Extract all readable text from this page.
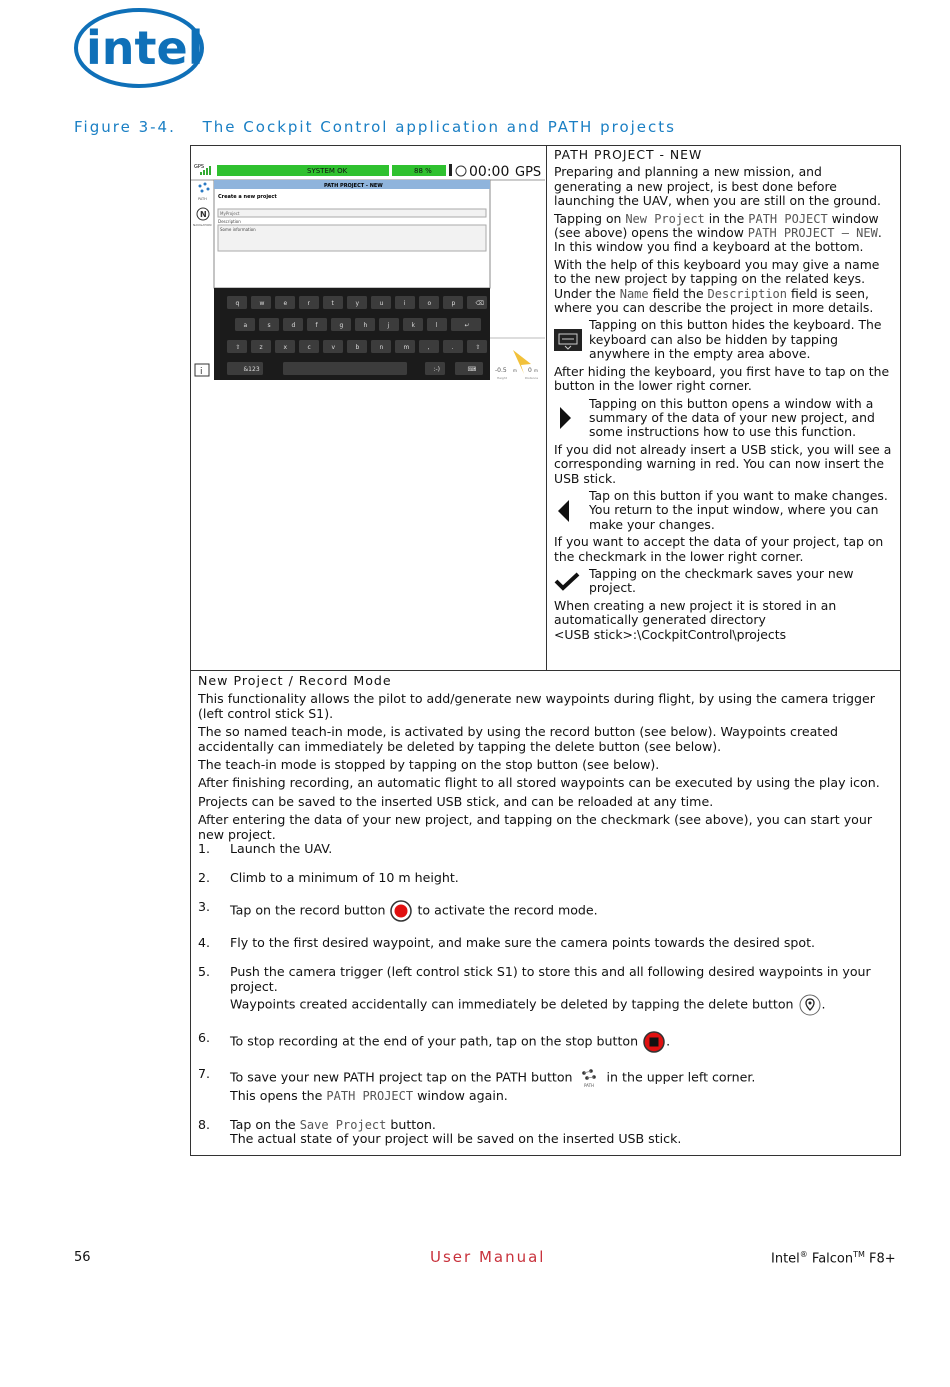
intel
Figure 3-4. The Cockpit Control application and PATH projects
GPS	SYSTEM OK	88 %	00:00 GPS
PATH
N
NAVIGATION
i
PATH PROJECT - NEW
Create a new project
MyProject
Description
Some information
q	w	e	r	t	y	u	i	o	p	⌫
a	s	d	f	g	h	j	k	l	↵
⇧	z	x	c	v	b	n	m	,	.	⇧
&123	:-)	⌨	-0.5 m
Height
0 m
Distance

PATH PROJECT - NEW

Preparing and planning a new mission, and generating a new project, is best done before launching the UAV, when you are still on the ground.

Tapping on New Project in the PATH POJECT window (see above) opens the window PATH PROJECT – NEW. In this window you find a keyboard at the bottom.

With the help of this keyboard you may give a name to the new project by tapping on the related keys. Under the Name field the Description field is seen, where you can describe the project in more details.

Tapping on this button hides the keyboard. The keyboard can also be hidden by tapping anywhere in the empty area above.

After hiding the keyboard, you first have to tap on the button in the lower right corner.

Tapping on this button opens a window with a summary of the data of your new project, and some instructions how to use this function.

If you did not already insert a USB stick, you will see a corresponding warning in red. You can now insert the USB stick.

Tap on this button if you want to make changes. You return to the input window, where you can make your changes.

If you want to accept the data of your project, tap on the checkmark in the lower right corner.

Tapping on the checkmark saves your new project.

When creating a new project it is stored in an automatically generated directory
<USB stick>:\CockpitControl\projects

New Project / Record Mode

This functionality allows the pilot to add/generate new waypoints during flight, by using the camera trigger (left control stick S1).

The so named teach-in mode, is activated by using the record button (see below). Waypoints created accidentally can immediately be deleted by tapping the delete button (see below).

The teach-in mode is stopped by tapping on the stop button (see below).

After finishing recording, an automatic flight to all stored waypoints can be executed by using the play icon.

Projects can be saved to the inserted USB stick, and can be reloaded at any time.

After entering the data of your new project, and tapping on the checkmark (see above), you can start your new project.

1.	Launch the UAV.
2.	Climb to a minimum of 10 m height.
3.	Tap on the record button  to activate the record mode.
4.	Fly to the first desired waypoint, and make sure the camera points towards the desired spot.
5.	Push the camera trigger (left control stick S1) to store this and all following desired waypoints in your project.
Waypoints created accidentally can immediately be deleted by tapping the delete button .
6.	To stop recording at the end of your path, tap on the stop button .
7.	To save your new PATH project tap on the PATH button
PATH
in the upper left corner.
This opens the PATH PROJECT window again.
8.	Tap on the Save Project button.
The actual state of your project will be saved on the inserted USB stick.
56	User Manual	Intel® Falcon™ F8+
